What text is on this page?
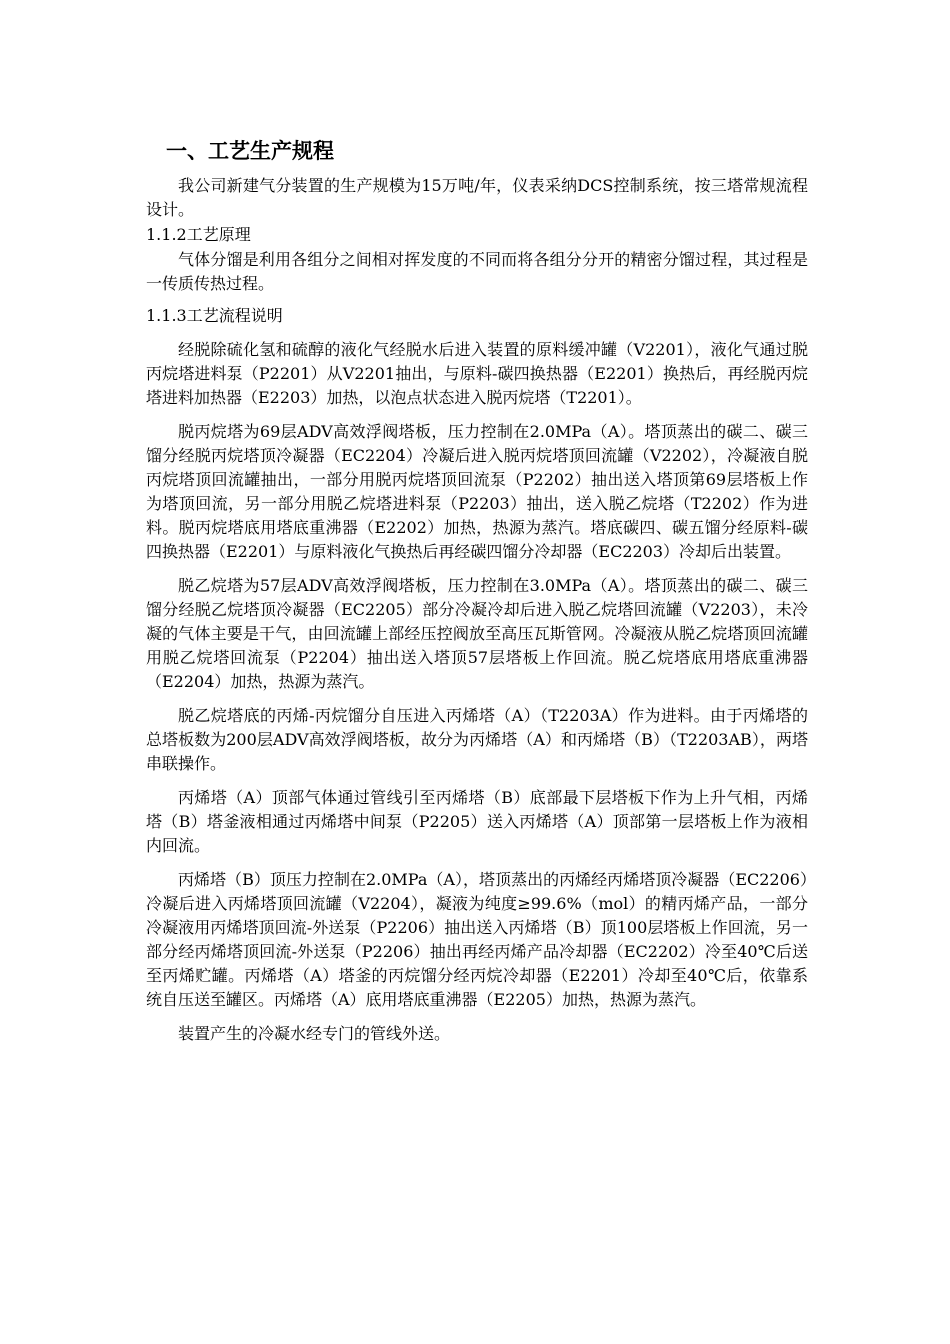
一、工艺生产规程

我公司新建气分装置的生产规模为15万吨/年，仪表采纳DCS控制系统，按三塔常规流程设计。

1.1.2工艺原理

气体分馏是利用各组分之间相对挥发度的不同而将各组分分开的精密分馏过程，其过程是一传质传热过程。

1.1.3工艺流程说明

经脱除硫化氢和硫醇的液化气经脱水后进入装置的原料缓冲罐（V2201），液化气通过脱丙烷塔进料泵（P2201）从V2201抽出，与原料-碳四换热器（E2201）换热后，再经脱丙烷塔进料加热器（E2203）加热，以泡点状态进入脱丙烷塔（T2201）。

脱丙烷塔为69层ADV高效浮阀塔板，压力控制在2.0MPa（A）。塔顶蒸出的碳二、碳三馏分经脱丙烷塔顶冷凝器（EC2204）冷凝后进入脱丙烷塔顶回流罐（V2202），冷凝液自脱丙烷塔顶回流罐抽出，一部分用脱丙烷塔顶回流泵（P2202）抽出送入塔顶第69层塔板上作为塔顶回流，另一部分用脱乙烷塔进料泵（P2203）抽出，送入脱乙烷塔（T2202）作为进料。脱丙烷塔底用塔底重沸器（E2202）加热，热源为蒸汽。塔底碳四、碳五馏分经原料-碳四换热器（E2201）与原料液化气换热后再经碳四馏分冷却器（EC2203）冷却后出装置。

脱乙烷塔为57层ADV高效浮阀塔板，压力控制在3.0MPa（A）。塔顶蒸出的碳二、碳三馏分经脱乙烷塔顶冷凝器（EC2205）部分冷凝冷却后进入脱乙烷塔回流罐（V2203），未冷凝的气体主要是干气，由回流罐上部经压控阀放至高压瓦斯管网。冷凝液从脱乙烷塔顶回流罐用脱乙烷塔回流泵（P2204）抽出送入塔顶57层塔板上作回流。脱乙烷塔底用塔底重沸器（E2204）加热，热源为蒸汽。

脱乙烷塔底的丙烯-丙烷馏分自压进入丙烯塔（A）（T2203A）作为进料。由于丙烯塔的总塔板数为200层ADV高效浮阀塔板，故分为丙烯塔（A）和丙烯塔（B）（T2203AB），两塔串联操作。

丙烯塔（A）顶部气体通过管线引至丙烯塔（B）底部最下层塔板下作为上升气相，丙烯塔（B）塔釜液相通过丙烯塔中间泵（P2205）送入丙烯塔（A）顶部第一层塔板上作为液相内回流。

丙烯塔（B）顶压力控制在2.0MPa（A），塔顶蒸出的丙烯经丙烯塔顶冷凝器（EC2206）冷凝后进入丙烯塔顶回流罐（V2204），凝液为纯度≥99.6%（mol）的精丙烯产品，一部分冷凝液用丙烯塔顶回流-外送泵（P2206）抽出送入丙烯塔（B）顶100层塔板上作回流，另一部分经丙烯塔顶回流-外送泵（P2206）抽出再经丙烯产品冷却器（EC2202）冷至40℃后送至丙烯贮罐。丙烯塔（A）塔釜的丙烷馏分经丙烷冷却器（E2201）冷却至40℃后，依靠系统自压送至罐区。丙烯塔（A）底用塔底重沸器（E2205）加热，热源为蒸汽。

装置产生的冷凝水经专门的管线外送。
